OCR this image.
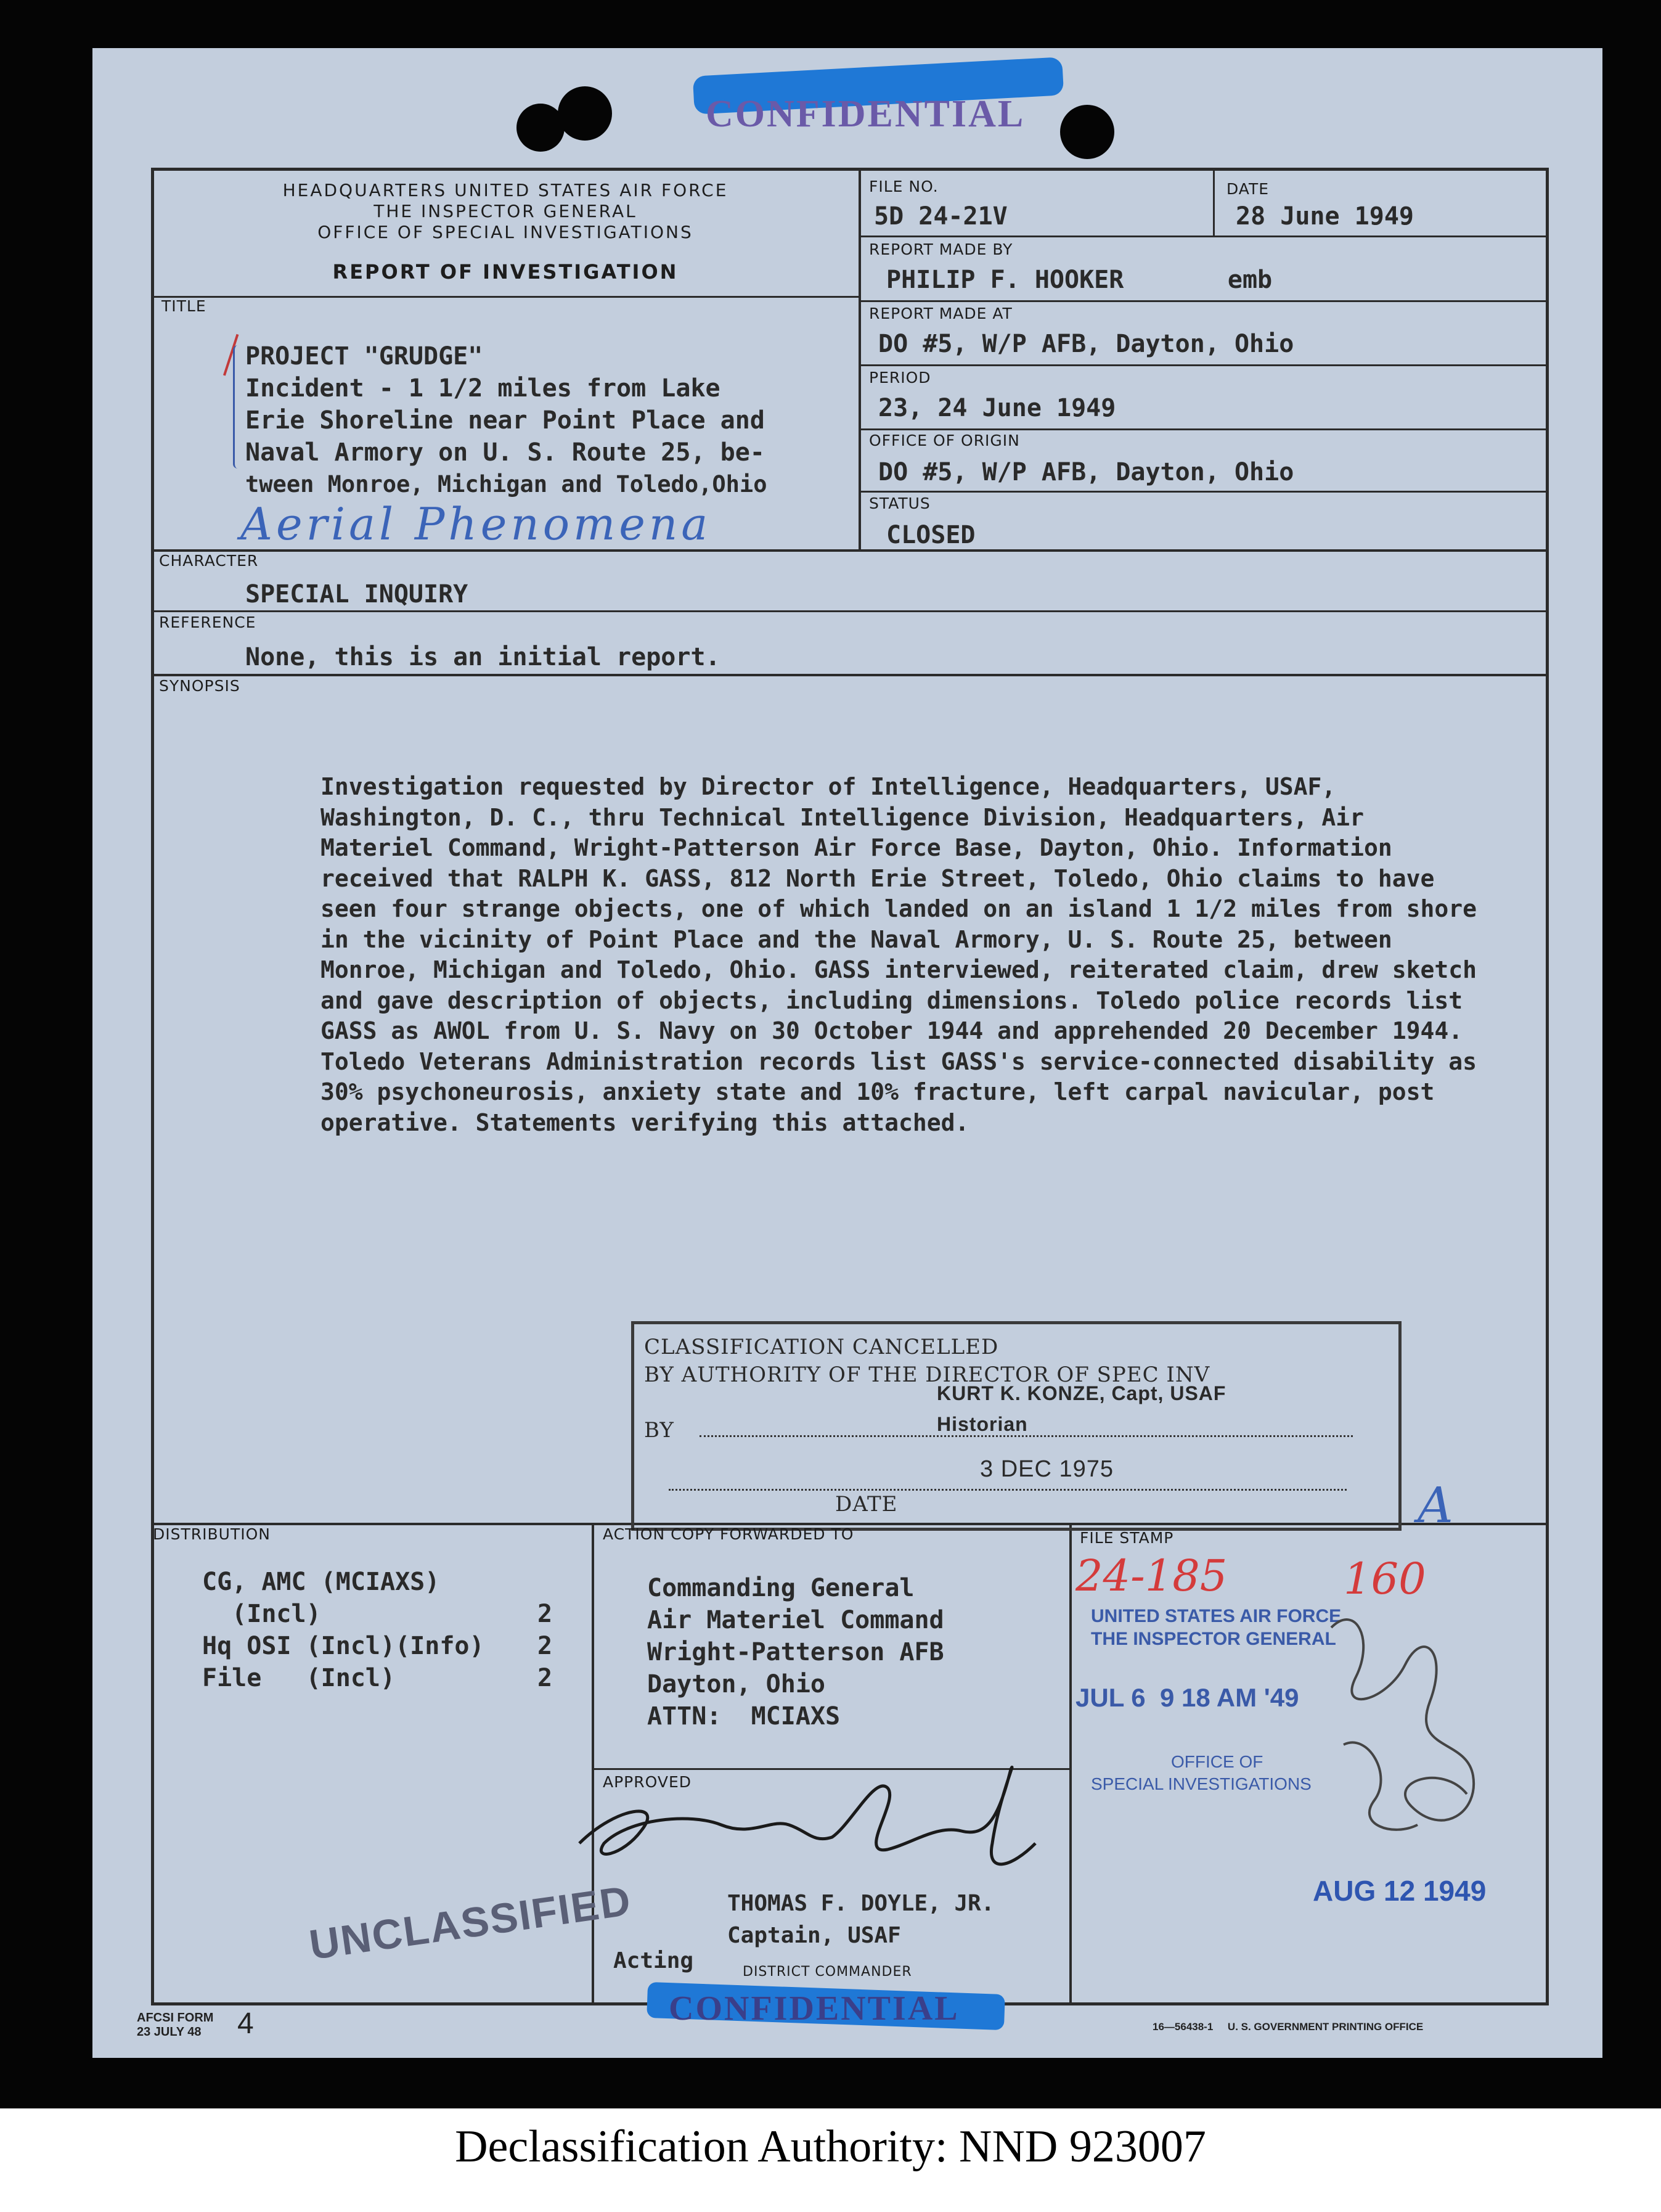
CONFIDENTIAL
HEADQUARTERS UNITED STATES AIR FORCE
THE INSPECTOR GENERAL
OFFICE OF SPECIAL INVESTIGATIONS
REPORT OF INVESTIGATION
FILE NO.
5D 24-21V
DATE
28 June 1949
REPORT MADE BY
PHILIP F. HOOKER       emb
REPORT MADE AT
DO #5, W/P AFB, Dayton, Ohio
PERIOD
23, 24 June 1949
OFFICE OF ORIGIN
DO #5, W/P AFB, Dayton, Ohio
STATUS
CLOSED
TITLE
PROJECT "GRUDGE"
Incident - 1 1/2 miles from Lake
Erie Shoreline near Point Place and
Naval Armory on U. S. Route 25, be-
tween Monroe, Michigan and Toledo,Ohio
Aerial Phenomena
CHARACTER
SPECIAL INQUIRY
REFERENCE
None, this is an initial report.
SYNOPSIS
Investigation requested by Director of Intelligence, Headquarters, USAF, Washington, D. C., thru Technical Intelligence Division, Headquarters, Air Materiel Command, Wright-Patterson Air Force Base, Dayton, Ohio. Information received that RALPH K. GASS, 812 North Erie Street, Toledo, Ohio claims to have seen four strange objects, one of which landed on an island 1 1/2 miles from shore in the vicinity of Point Place and the Naval Armory, U. S. Route 25, between Monroe, Michigan and Toledo, Ohio. GASS interviewed, reiterated claim, drew sketch and gave description of objects, including dimensions. Toledo police records list GASS as AWOL from U. S. Navy on 30 October 1944 and apprehended 20 December 1944. Toledo Veterans Administration records list GASS's service-connected disability as 30% psychoneurosis, anxiety state and 10% fracture, left carpal navicular, post operative. Statements verifying this attached.
CLASSIFICATION CANCELLED
BY AUTHORITY OF THE DIRECTOR OF SPEC INV
KURT K. KONZE, Capt, USAF
BY	Historian
3 DEC 1975
DATE
DISTRIBUTION
CG, AMC (MCIAXS)
(Incl)	2
Hq OSI (Incl)(Info) 2
File   (Incl)	2
ACTION COPY FORWARDED TO
Commanding General
Air Materiel Command
Wright-Patterson AFB
Dayton, Ohio
ATTN:  MCIAXS
APPROVED
THOMAS F. DOYLE, JR.
Captain, USAF
Acting	DISTRICT COMMANDER
FILE STAMP
24-185	160
UNITED STATES AIR FORCE
THE INSPECTOR GENERAL
JUL 6  9 18 AM '49
OFFICE OF
SPECIAL INVESTIGATIONS
AUG 12 1949
A
UNCLASSIFIED
CONFIDENTIAL
AFCSI FORM
23 JULY 48 4	16—56438-1     U. S. GOVERNMENT PRINTING OFFICE
Declassification Authority: NND 923007
